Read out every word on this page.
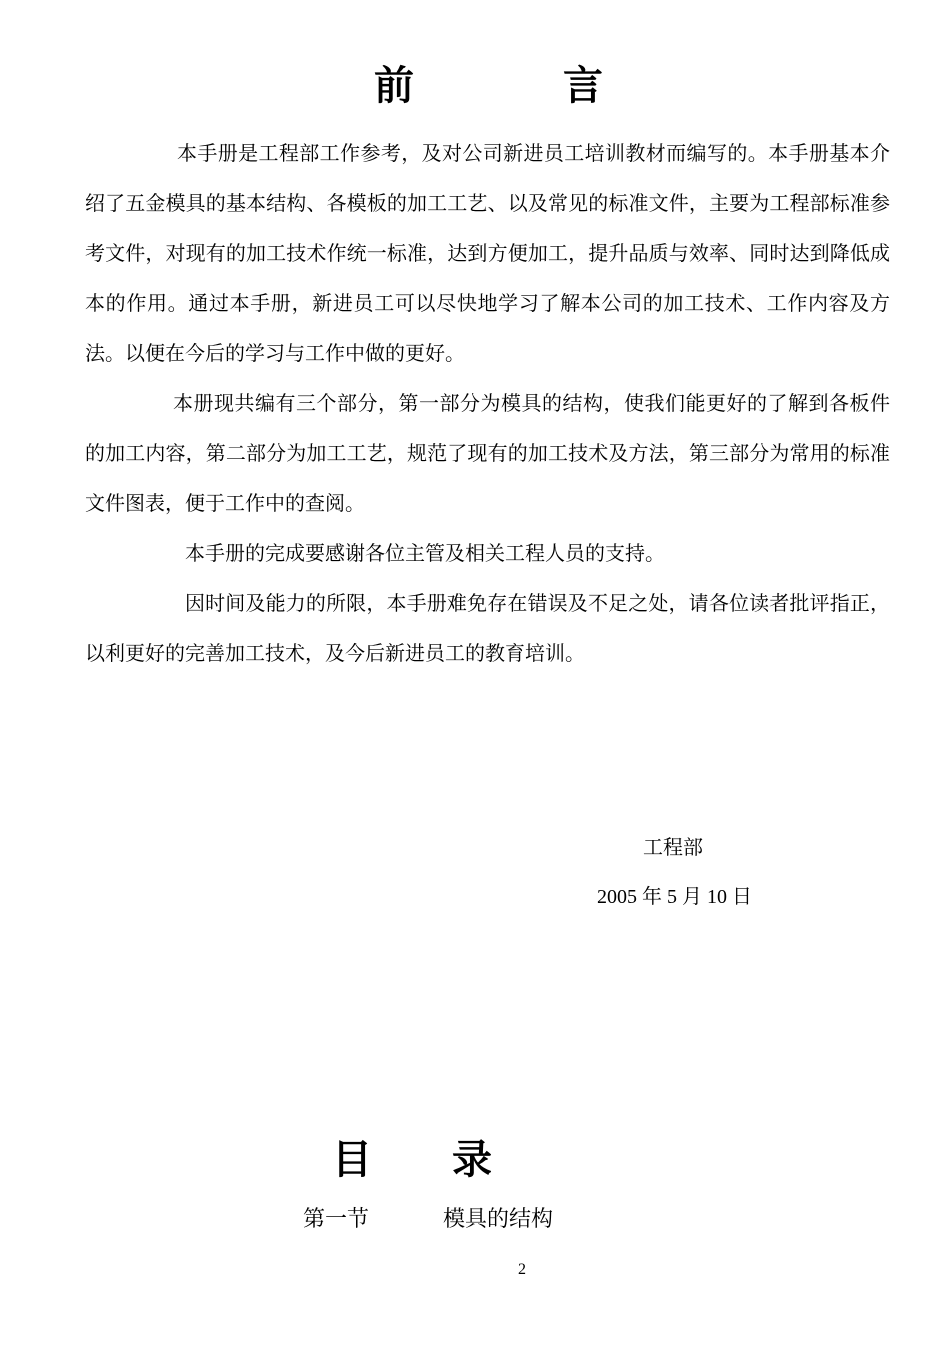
前	言

本手册是工程部工作参考，及对公司新进员工培训教材而编写的。本手册基本介绍了五金模具的基本结构、各模板的加工工艺、以及常见的标准文件，主要为工程部标准参考文件，对现有的加工技术作统一标准，达到方便加工，提升品质与效率、同时达到降低成本的作用。通过本手册，新进员工可以尽快地学习了解本公司的加工技术、工作内容及方法。以便在今后的学习与工作中做的更好。

本册现共编有三个部分，第一部分为模具的结构，使我们能更好的了解到各板件的加工内容，第二部分为加工工艺，规范了现有的加工技术及方法，第三部分为常用的标准文件图表，便于工作中的查阅。

本手册的完成要感谢各位主管及相关工程人员的支持。

因时间及能力的所限，本手册难免存在错误及不足之处，请各位读者批评指正，以利更好的完善加工技术，及今后新进员工的教育培训。

工程部
2005 年 5 月 10 日
目 录
第一节	模具的结构
2
